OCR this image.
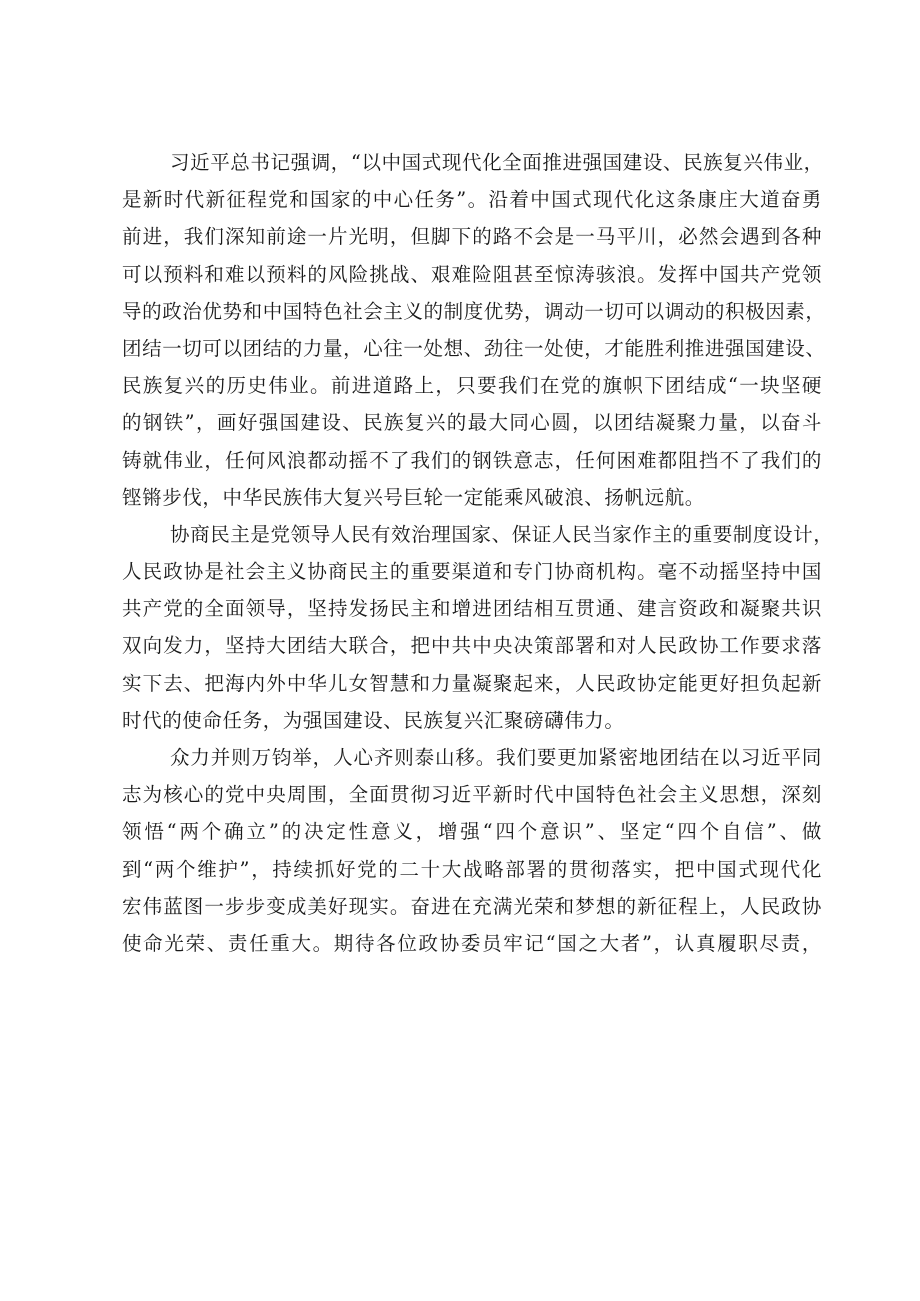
习近平总书记强调，“以中国式现代化全面推进强国建设、民族复兴伟业，
是新时代新征程党和国家的中心任务”。沿着中国式现代化这条康庄大道奋勇
前进，我们深知前途一片光明，但脚下的路不会是一马平川，必然会遇到各种
可以预料和难以预料的风险挑战、艰难险阻甚至惊涛骇浪。发挥中国共产党领
导的政治优势和中国特色社会主义的制度优势，调动一切可以调动的积极因素，
团结一切可以团结的力量，心往一处想、劲往一处使，才能胜利推进强国建设、
民族复兴的历史伟业。前进道路上，只要我们在党的旗帜下团结成“一块坚硬
的钢铁”，画好强国建设、民族复兴的最大同心圆，以团结凝聚力量，以奋斗
铸就伟业，任何风浪都动摇不了我们的钢铁意志，任何困难都阻挡不了我们的
铿锵步伐，中华民族伟大复兴号巨轮一定能乘风破浪、扬帆远航。

协商民主是党领导人民有效治理国家、保证人民当家作主的重要制度设计，
人民政协是社会主义协商民主的重要渠道和专门协商机构。毫不动摇坚持中国
共产党的全面领导，坚持发扬民主和增进团结相互贯通、建言资政和凝聚共识
双向发力，坚持大团结大联合，把中共中央决策部署和对人民政协工作要求落
实下去、把海内外中华儿女智慧和力量凝聚起来，人民政协定能更好担负起新
时代的使命任务，为强国建设、民族复兴汇聚磅礴伟力。

众力并则万钧举，人心齐则泰山移。我们要更加紧密地团结在以习近平同
志为核心的党中央周围，全面贯彻习近平新时代中国特色社会主义思想，深刻
领悟“两个确立”的决定性意义，增强“四个意识”、坚定“四个自信”、做
到“两个维护”，持续抓好党的二十大战略部署的贯彻落实，把中国式现代化
宏伟蓝图一步步变成美好现实。奋进在充满光荣和梦想的新征程上，人民政协
使命光荣、责任重大。期待各位政协委员牢记“国之大者”，认真履职尽责，
